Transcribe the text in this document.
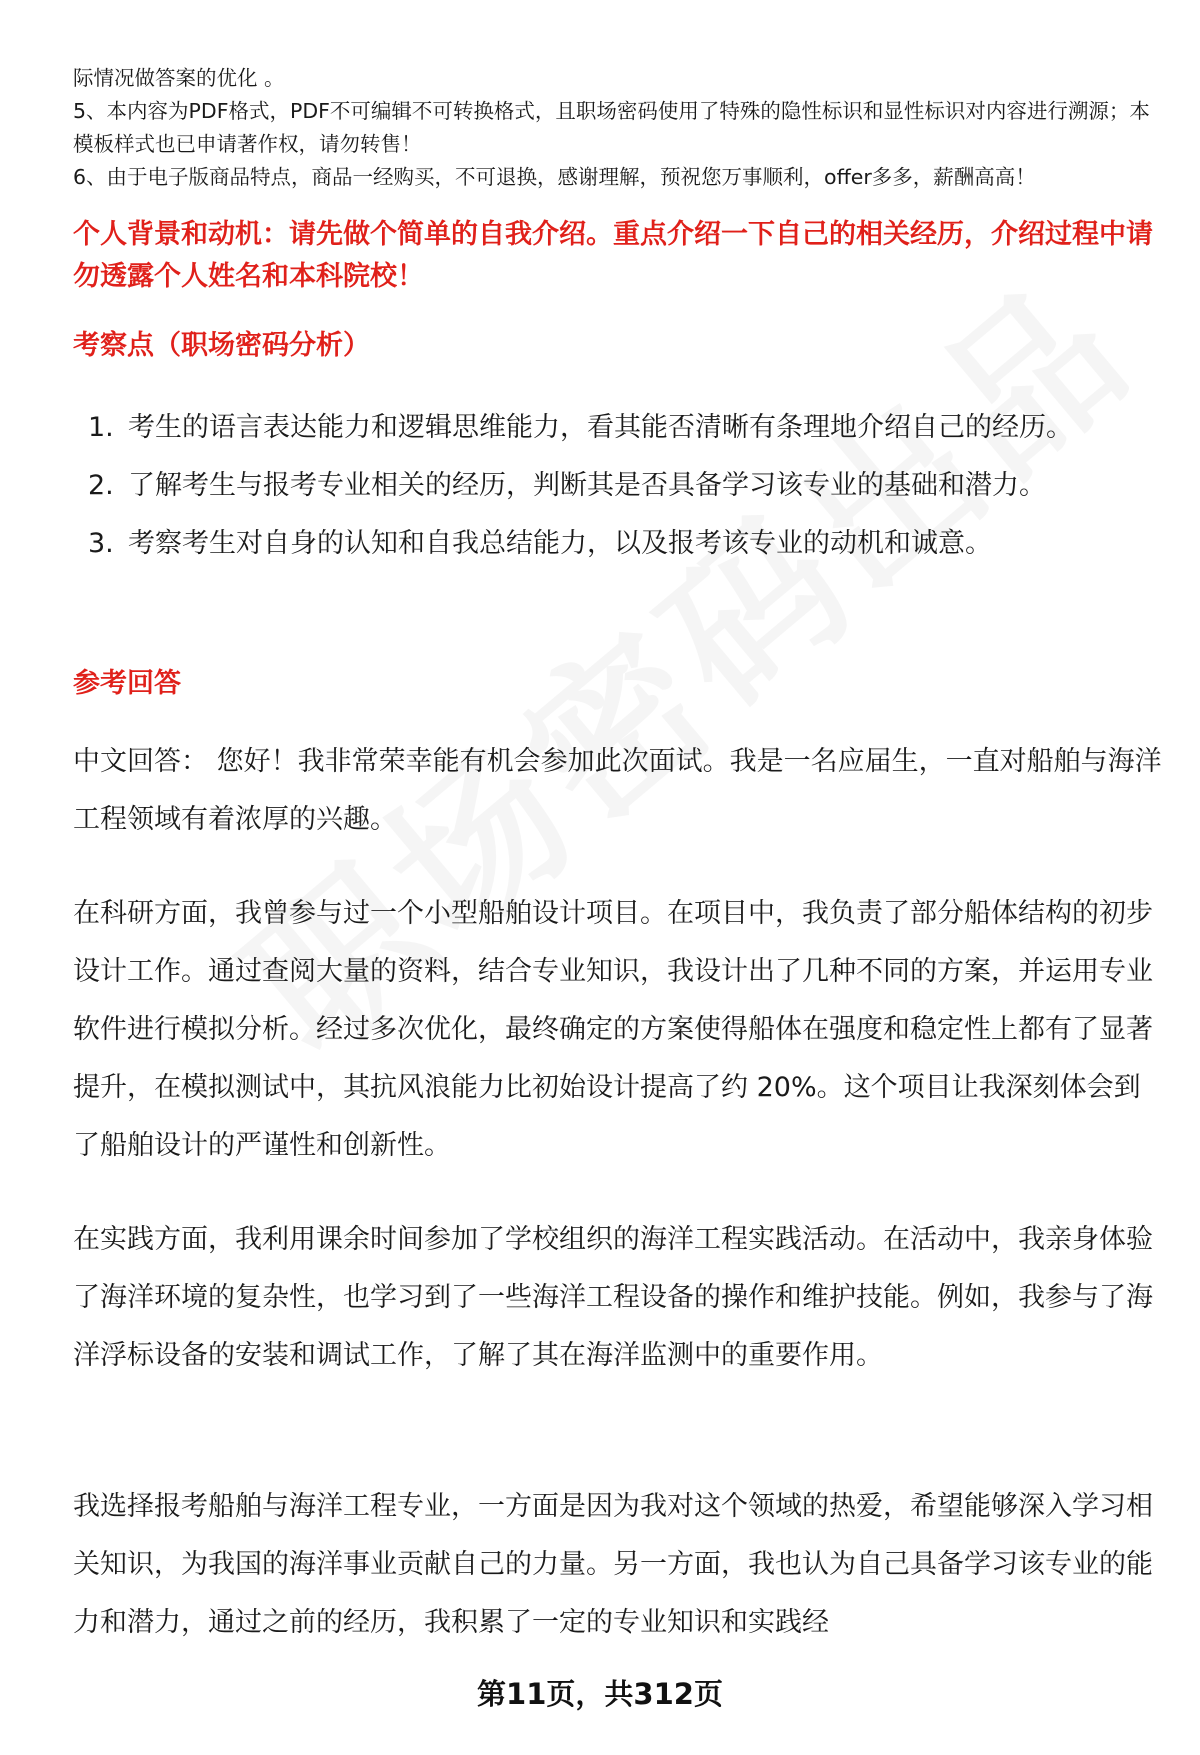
际情况做答案的优化 。

5、本内容为PDF格式，PDF不可编辑不可转换格式，且职场密码使用了特殊的隐性标识和显性标识对内容进行溯源；本模板样式也已申请著作权，请勿转售！

6、由于电子版商品特点，商品一经购买，不可退换，感谢理解，预祝您万事顺利，offer多多，薪酬高高！

个人背景和动机：请先做个简单的自我介绍。重点介绍一下自己的相关经历，介绍过程中请勿透露个人姓名和本科院校！

考察点（职场密码分析）

1. 考生的语言表达能力和逻辑思维能力，看其能否清晰有条理地介绍自己的经历。
2. 了解考生与报考专业相关的经历，判断其是否具备学习该专业的基础和潜力。
3. 考察考生对自身的认知和自我总结能力，以及报考该专业的动机和诚意。

参考回答

中文回答： 您好！我非常荣幸能有机会参加此次面试。我是一名应届生，一直对船舶与海洋工程领域有着浓厚的兴趣。

在科研方面，我曾参与过一个小型船舶设计项目。在项目中，我负责了部分船体结构的初步设计工作。通过查阅大量的资料，结合专业知识，我设计出了几种不同的方案，并运用专业软件进行模拟分析。经过多次优化，最终确定的方案使得船体在强度和稳定性上都有了显著提升，在模拟测试中，其抗风浪能力比初始设计提高了约 20%。这个项目让我深刻体会到了船舶设计的严谨性和创新性。

在实践方面，我利用课余时间参加了学校组织的海洋工程实践活动。在活动中，我亲身体验了海洋环境的复杂性，也学习到了一些海洋工程设备的操作和维护技能。例如，我参与了海洋浮标设备的安装和调试工作，了解了其在海洋监测中的重要作用。

我选择报考船舶与海洋工程专业，一方面是因为我对这个领域的热爱，希望能够深入学习相关知识，为我国的海洋事业贡献自己的力量。另一方面，我也认为自己具备学习该专业的能力和潜力，通过之前的经历，我积累了一定的专业知识和实践经

第11页，共312页
